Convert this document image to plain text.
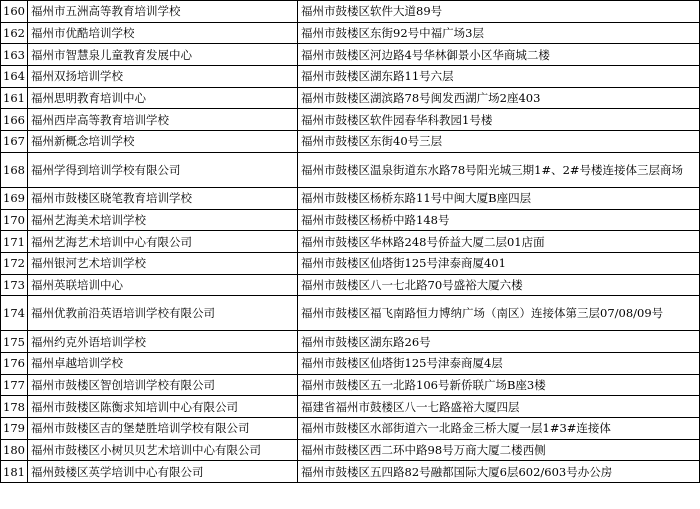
160	福州市五洲高等教育培训学校	福州市鼓楼区软件大道89号
162	福州市优酷培训学校	福州市鼓楼区东街92号中福广场3层
163	福州市智慧泉儿童教育发展中心	福州市鼓楼区河边路4号华林御景小区华商城二楼
164	福州双扬培训学校	福州市鼓楼区湖东路11号六层
161	福州思明教育培训中心	福州市鼓楼区湖滨路78号闽发西湖广场2座403
166	福州西岸高等教育培训学校	福州市鼓楼区软件园春华科教园1号楼
167	福州新概念培训学校	福州市鼓楼区东街40号三层
168	福州学得到培训学校有限公司	福州市鼓楼区温泉街道东水路78号阳光城三期1#、2#号楼连接体三层商场
169	福州市鼓楼区晓笔教育培训学校	福州市鼓楼区杨桥东路11号中闽大厦B座四层
170	福州艺海美术培训学校	福州市鼓楼区杨桥中路148号
171	福州艺海艺术培训中心有限公司	福州市鼓楼区华林路248号侨益大厦二层01店面
172	福州银河艺术培训学校	福州市鼓楼区仙塔街125号津泰商厦401
173	福州英联培训中心	福州市鼓楼区八一七北路70号盛裕大厦六楼
174	福州优教前沿英语培训学校有限公司	福州市鼓楼区福飞南路恒力博纳广场（南区）连接体第三层07/08/09号
175	福州约克外语培训学校	福州市鼓楼区湖东路26号
176	福州卓越培训学校	福州市鼓楼区仙塔街125号津泰商厦4层
177	福州市鼓楼区智创培训学校有限公司	福州市鼓楼区五一北路106号新侨联广场B座3楼
178	福州市鼓楼区陈衡求知培训中心有限公司	福建省福州市鼓楼区八一七路盛裕大厦四层
179	福州市鼓楼区吉的堡楚胜培训学校有限公司	福州市鼓楼区水部街道六一北路金三桥大厦一层1#3#连接体
180	福州市鼓楼区小树贝贝艺术培训中心有限公司	福州市鼓楼区西二环中路98号万商大厦二楼西侧
181	福州鼓楼区英学培训中心有限公司	福州市鼓楼区五四路82号融都国际大厦6层602/603号办公房
